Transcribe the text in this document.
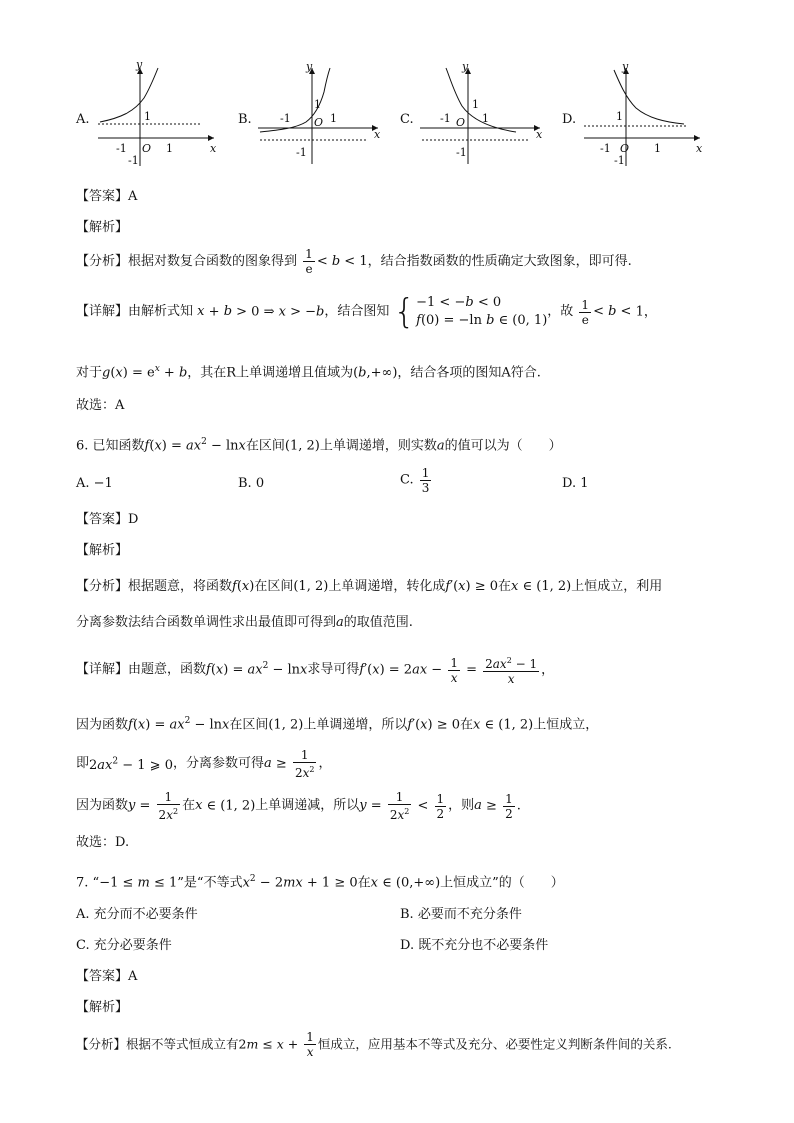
A.
y
x
O
-1	1
1
-1
B.
y
x
O
-1	1
1
-1
C.
y
x
O
-1	1
1
-1
D.
y
x
O
-1	1
1
-1
【答案】A
【解析】
【分析】根据对数复合函数的图象得到 $\frac{1}{e} < b < 1$，结合指数函数的性质确定大致图象，即可得.
【详解】由解析式知 x + b > 0 ⇒ x > −b，结合图知 {−1 < −b < 0
f(0) = −ln b ∈ (0, 1)，故 $\frac{1}{e} < b < 1$，
对于$g(x) = e^x + b$，其在R上单调递增且值域为(b,+∞)，结合各项的图知A符合.
故选：A
6. 已知函数$f(x) = ax^2 - \ln x$在区间(1, 2)上单调递增，则实数a的值可以为（　　）
A. −1	B. 0	C. $\frac{1}{3}$	D. 1
【答案】D
【解析】
【分析】根据题意，将函数f(x)在区间(1, 2)上单调递增，转化成f′(x) ≥ 0在x ∈ (1, 2)上恒成立，利用
分离参数法结合函数单调性求出最值即可得到a的取值范围.
【详解】由题意，函数$f(x) = ax^2 - \ln x$求导可得$f'(x) = 2ax - \frac{1}{x} = \frac{2ax^2 - 1}{x}$ ，
因为函数$f(x) = ax^2 - \ln x$在区间(1, 2)上单调递增，所以f′(x) ≥ 0在x ∈ (1, 2)上恒成立，
即$2ax^2 - 1$ ⩾ 0，分离参数可得$a \ge \frac{1}{2x^2}$ ，
因为函数$y = \frac{1}{2x^2}$ 在x ∈ (1, 2)上单调递减，所以$y = \frac{1}{2x^2} < \frac{1}{2}$ ，则$a \ge \frac{1}{2}$ .
故选：D.
7. “−1 ≤ m ≤ 1”是“不等式$x^2 - 2mx + 1 \ge 0$在x ∈ (0,+∞)上恒成立”的（　　）
A. 充分而不必要条件	B. 必要而不充分条件
C. 充分必要条件	D. 既不充分也不必要条件
【答案】A
【解析】
【分析】根据不等式恒成立有$2m \le x + \frac{1}{x}$ 恒成立，应用基本不等式及充分、必要性定义判断条件间的关系.
